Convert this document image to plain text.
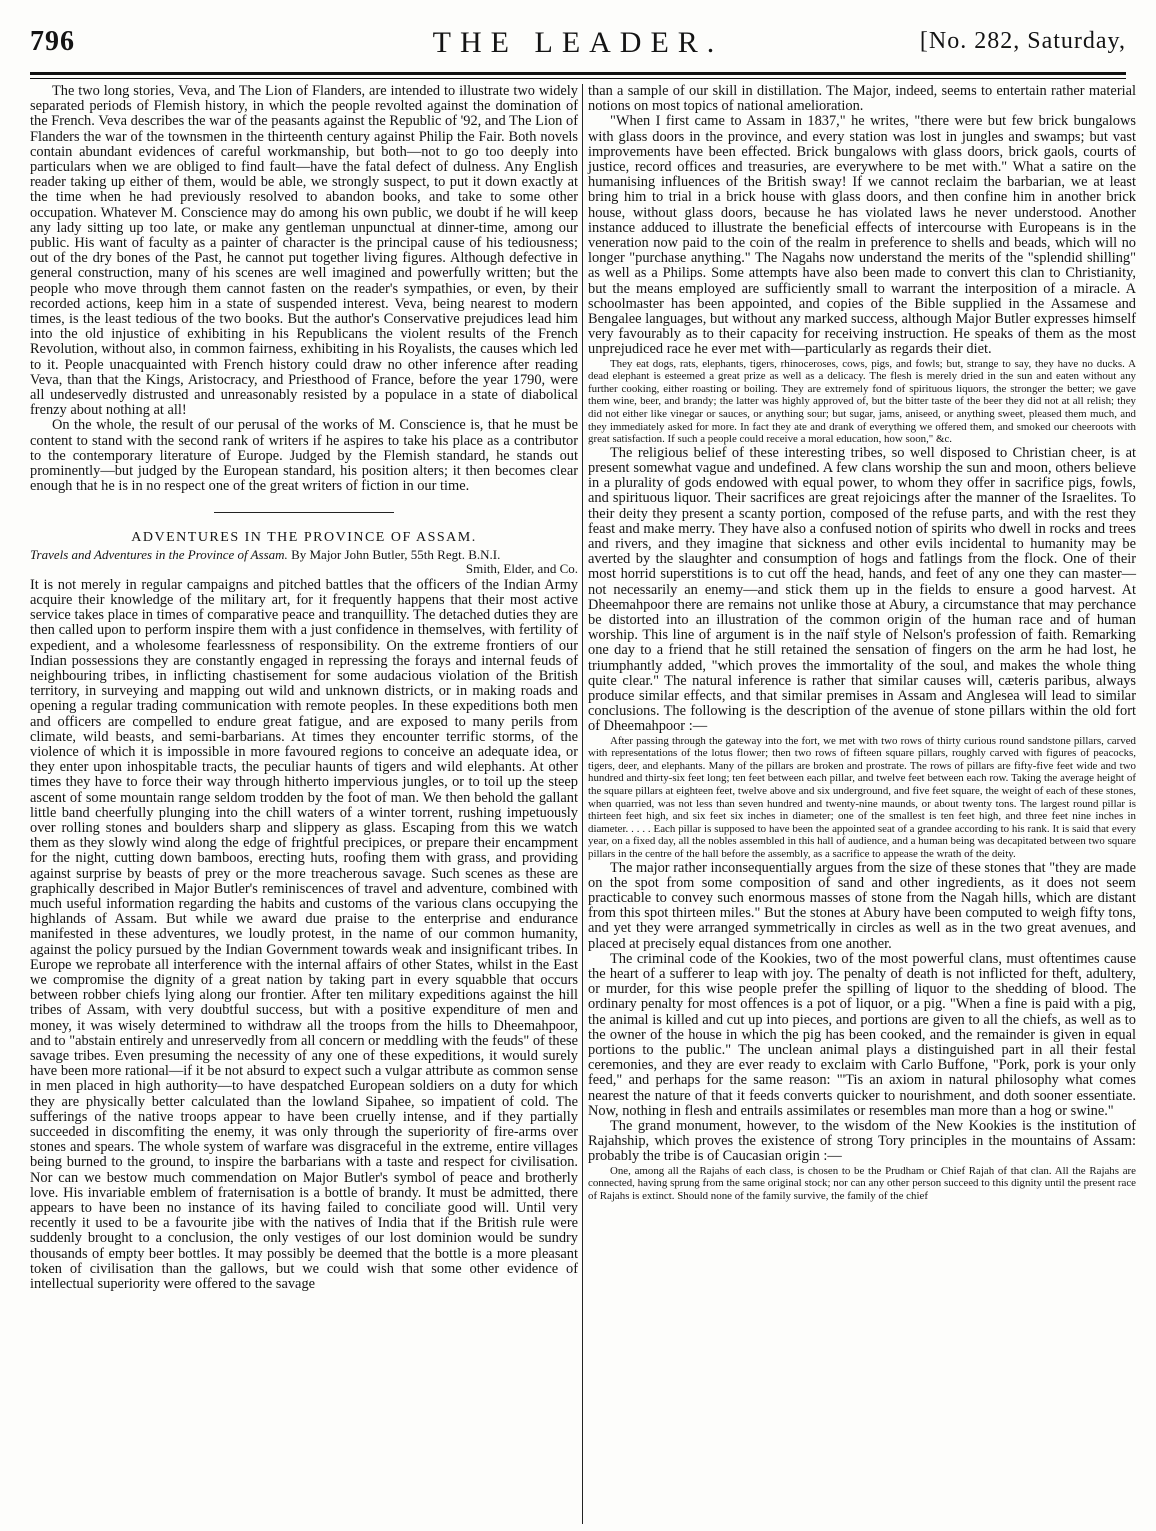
796	THE LEADER.	[No. 282, Saturday,

The two long stories, Veva, and The Lion of Flanders, are intended to illustrate two widely separated periods of Flemish history, in which the people revolted against the domination of the French. Veva describes the war of the peasants against the Republic of '92, and The Lion of Flanders the war of the townsmen in the thirteenth century against Philip the Fair. Both novels contain abundant evidences of careful workmanship, but both—not to go too deeply into particulars when we are obliged to find fault—have the fatal defect of dulness. Any English reader taking up either of them, would be able, we strongly suspect, to put it down exactly at the time when he had previously resolved to abandon books, and take to some other occupation. Whatever M. Conscience may do among his own public, we doubt if he will keep any lady sitting up too late, or make any gentleman unpunctual at dinner-time, among our public. His want of faculty as a painter of character is the principal cause of his tediousness; out of the dry bones of the Past, he cannot put together living figures. Although defective in general construction, many of his scenes are well imagined and powerfully written; but the people who move through them cannot fasten on the reader's sympathies, or even, by their recorded actions, keep him in a state of suspended interest. Veva, being nearest to modern times, is the least tedious of the two books. But the author's Conservative prejudices lead him into the old injustice of exhibiting in his Republicans the violent results of the French Revolution, without also, in common fairness, exhibiting in his Royalists, the causes which led to it. People unacquainted with French history could draw no other inference after reading Veva, than that the Kings, Aristocracy, and Priesthood of France, before the year 1790, were all undeservedly distrusted and unreasonably resisted by a populace in a state of diabolical frenzy about nothing at all!

On the whole, the result of our perusal of the works of M. Conscience is, that he must be content to stand with the second rank of writers if he aspires to take his place as a contributor to the contemporary literature of Europe. Judged by the Flemish standard, he stands out prominently—but judged by the European standard, his position alters; it then becomes clear enough that he is in no respect one of the great writers of fiction in our time.

ADVENTURES IN THE PROVINCE OF ASSAM.
Travels and Adventures in the Province of Assam. By Major John Butler, 55th Regt. B.N.I.
Smith, Elder, and Co.

It is not merely in regular campaigns and pitched battles that the officers of the Indian Army acquire their knowledge of the military art, for it frequently happens that their most active service takes place in times of comparative peace and tranquillity. The detached duties they are then called upon to perform inspire them with a just confidence in themselves, with fertility of expedient, and a wholesome fearlessness of responsibility. On the extreme frontiers of our Indian possessions they are constantly engaged in repressing the forays and internal feuds of neighbouring tribes, in inflicting chastisement for some audacious violation of the British territory, in surveying and mapping out wild and unknown districts, or in making roads and opening a regular trading communication with remote peoples. In these expeditions both men and officers are compelled to endure great fatigue, and are exposed to many perils from climate, wild beasts, and semi-barbarians. At times they encounter terrific storms, of the violence of which it is impossible in more favoured regions to conceive an adequate idea, or they enter upon inhospitable tracts, the peculiar haunts of tigers and wild elephants. At other times they have to force their way through hitherto impervious jungles, or to toil up the steep ascent of some mountain range seldom trodden by the foot of man. We then behold the gallant little band cheerfully plunging into the chill waters of a winter torrent, rushing impetuously over rolling stones and boulders sharp and slippery as glass. Escaping from this we watch them as they slowly wind along the edge of frightful precipices, or prepare their encampment for the night, cutting down bamboos, erecting huts, roofing them with grass, and providing against surprise by beasts of prey or the more treacherous savage. Such scenes as these are graphically described in Major Butler's reminiscences of travel and adventure, combined with much useful information regarding the habits and customs of the various clans occupying the highlands of Assam. But while we award due praise to the enterprise and endurance manifested in these adventures, we loudly protest, in the name of our common humanity, against the policy pursued by the Indian Government towards weak and insignificant tribes. In Europe we reprobate all interference with the internal affairs of other States, whilst in the East we compromise the dignity of a great nation by taking part in every squabble that occurs between robber chiefs lying along our frontier. After ten military expeditions against the hill tribes of Assam, with very doubtful success, but with a positive expenditure of men and money, it was wisely determined to withdraw all the troops from the hills to Dheemahpoor, and to "abstain entirely and unreservedly from all concern or meddling with the feuds" of these savage tribes. Even presuming the necessity of any one of these expeditions, it would surely have been more rational—if it be not absurd to expect such a vulgar attribute as common sense in men placed in high authority—to have despatched European soldiers on a duty for which they are physically better calculated than the lowland Sipahee, so impatient of cold. The sufferings of the native troops appear to have been cruelly intense, and if they partially succeeded in discomfiting the enemy, it was only through the superiority of fire-arms over stones and spears. The whole system of warfare was disgraceful in the extreme, entire villages being burned to the ground, to inspire the barbarians with a taste and respect for civilisation. Nor can we bestow much commendation on Major Butler's symbol of peace and brotherly love. His invariable emblem of fraternisation is a bottle of brandy. It must be admitted, there appears to have been no instance of its having failed to conciliate good will. Until very recently it used to be a favourite jibe with the natives of India that if the British rule were suddenly brought to a conclusion, the only vestiges of our lost dominion would be sundry thousands of empty beer bottles. It may possibly be deemed that the bottle is a more pleasant token of civilisation than the gallows, but we could wish that some other evidence of intellectual superiority were offered to the savage

than a sample of our skill in distillation. The Major, indeed, seems to entertain rather material notions on most topics of national amelioration.

"When I first came to Assam in 1837," he writes, "there were but few brick bungalows with glass doors in the province, and every station was lost in jungles and swamps; but vast improvements have been effected. Brick bungalows with glass doors, brick gaols, courts of justice, record offices and treasuries, are everywhere to be met with." What a satire on the humanising influences of the British sway! If we cannot reclaim the barbarian, we at least bring him to trial in a brick house with glass doors, and then confine him in another brick house, without glass doors, because he has violated laws he never understood. Another instance adduced to illustrate the beneficial effects of intercourse with Europeans is in the veneration now paid to the coin of the realm in preference to shells and beads, which will no longer "purchase anything." The Nagahs now understand the merits of the "splendid shilling" as well as a Philips. Some attempts have also been made to convert this clan to Christianity, but the means employed are sufficiently small to warrant the interposition of a miracle. A schoolmaster has been appointed, and copies of the Bible supplied in the Assamese and Bengalee languages, but without any marked success, although Major Butler expresses himself very favourably as to their capacity for receiving instruction. He speaks of them as the most unprejudiced race he ever met with—particularly as regards their diet.

They eat dogs, rats, elephants, tigers, rhinoceroses, cows, pigs, and fowls; but, strange to say, they have no ducks. A dead elephant is esteemed a great prize as well as a delicacy. The flesh is merely dried in the sun and eaten without any further cooking, either roasting or boiling. They are extremely fond of spirituous liquors, the stronger the better; we gave them wine, beer, and brandy; the latter was highly approved of, but the bitter taste of the beer they did not at all relish; they did not either like vinegar or sauces, or anything sour; but sugar, jams, aniseed, or anything sweet, pleased them much, and they immediately asked for more. In fact they ate and drank of everything we offered them, and smoked our cheeroots with great satisfaction. If such a people could receive a moral education, how soon," &c.

The religious belief of these interesting tribes, so well disposed to Christian cheer, is at present somewhat vague and undefined. A few clans worship the sun and moon, others believe in a plurality of gods endowed with equal power, to whom they offer in sacrifice pigs, fowls, and spirituous liquor. Their sacrifices are great rejoicings after the manner of the Israelites. To their deity they present a scanty portion, composed of the refuse parts, and with the rest they feast and make merry. They have also a confused notion of spirits who dwell in rocks and trees and rivers, and they imagine that sickness and other evils incidental to humanity may be averted by the slaughter and consumption of hogs and fatlings from the flock. One of their most horrid superstitions is to cut off the head, hands, and feet of any one they can master—not necessarily an enemy—and stick them up in the fields to ensure a good harvest. At Dheemahpoor there are remains not unlike those at Abury, a circumstance that may perchance be distorted into an illustration of the common origin of the human race and of human worship. This line of argument is in the naïf style of Nelson's profession of faith. Remarking one day to a friend that he still retained the sensation of fingers on the arm he had lost, he triumphantly added, "which proves the immortality of the soul, and makes the whole thing quite clear." The natural inference is rather that similar causes will, cæteris paribus, always produce similar effects, and that similar premises in Assam and Anglesea will lead to similar conclusions. The following is the description of the avenue of stone pillars within the old fort of Dheemahpoor :—

After passing through the gateway into the fort, we met with two rows of thirty curious round sandstone pillars, carved with representations of the lotus flower; then two rows of fifteen square pillars, roughly carved with figures of peacocks, tigers, deer, and elephants. Many of the pillars are broken and prostrate. The rows of pillars are fifty-five feet wide and two hundred and thirty-six feet long; ten feet between each pillar, and twelve feet between each row. Taking the average height of the square pillars at eighteen feet, twelve above and six underground, and five feet square, the weight of each of these stones, when quarried, was not less than seven hundred and twenty-nine maunds, or about twenty tons. The largest round pillar is thirteen feet high, and six feet six inches in diameter; one of the smallest is ten feet high, and three feet nine inches in diameter. . . . . Each pillar is supposed to have been the appointed seat of a grandee according to his rank. It is said that every year, on a fixed day, all the nobles assembled in this hall of audience, and a human being was decapitated between two square pillars in the centre of the hall before the assembly, as a sacrifice to appease the wrath of the deity.

The major rather inconsequentially argues from the size of these stones that "they are made on the spot from some composition of sand and other ingredients, as it does not seem practicable to convey such enormous masses of stone from the Nagah hills, which are distant from this spot thirteen miles." But the stones at Abury have been computed to weigh fifty tons, and yet they were arranged symmetrically in circles as well as in the two great avenues, and placed at precisely equal distances from one another.

The criminal code of the Kookies, two of the most powerful clans, must oftentimes cause the heart of a sufferer to leap with joy. The penalty of death is not inflicted for theft, adultery, or murder, for this wise people prefer the spilling of liquor to the shedding of blood. The ordinary penalty for most offences is a pot of liquor, or a pig. "When a fine is paid with a pig, the animal is killed and cut up into pieces, and portions are given to all the chiefs, as well as to the owner of the house in which the pig has been cooked, and the remainder is given in equal portions to the public." The unclean animal plays a distinguished part in all their festal ceremonies, and they are ever ready to exclaim with Carlo Buffone, "Pork, pork is your only feed," and perhaps for the same reason: "'Tis an axiom in natural philosophy what comes nearest the nature of that it feeds converts quicker to nourishment, and doth sooner essentiate. Now, nothing in flesh and entrails assimilates or resembles man more than a hog or swine."

The grand monument, however, to the wisdom of the New Kookies is the institution of Rajahship, which proves the existence of strong Tory principles in the mountains of Assam: probably the tribe is of Caucasian origin :—

One, among all the Rajahs of each class, is chosen to be the Prudham or Chief Rajah of that clan. All the Rajahs are connected, having sprung from the same original stock; nor can any other person succeed to this dignity until the present race of Rajahs is extinct. Should none of the family survive, the family of the chief
